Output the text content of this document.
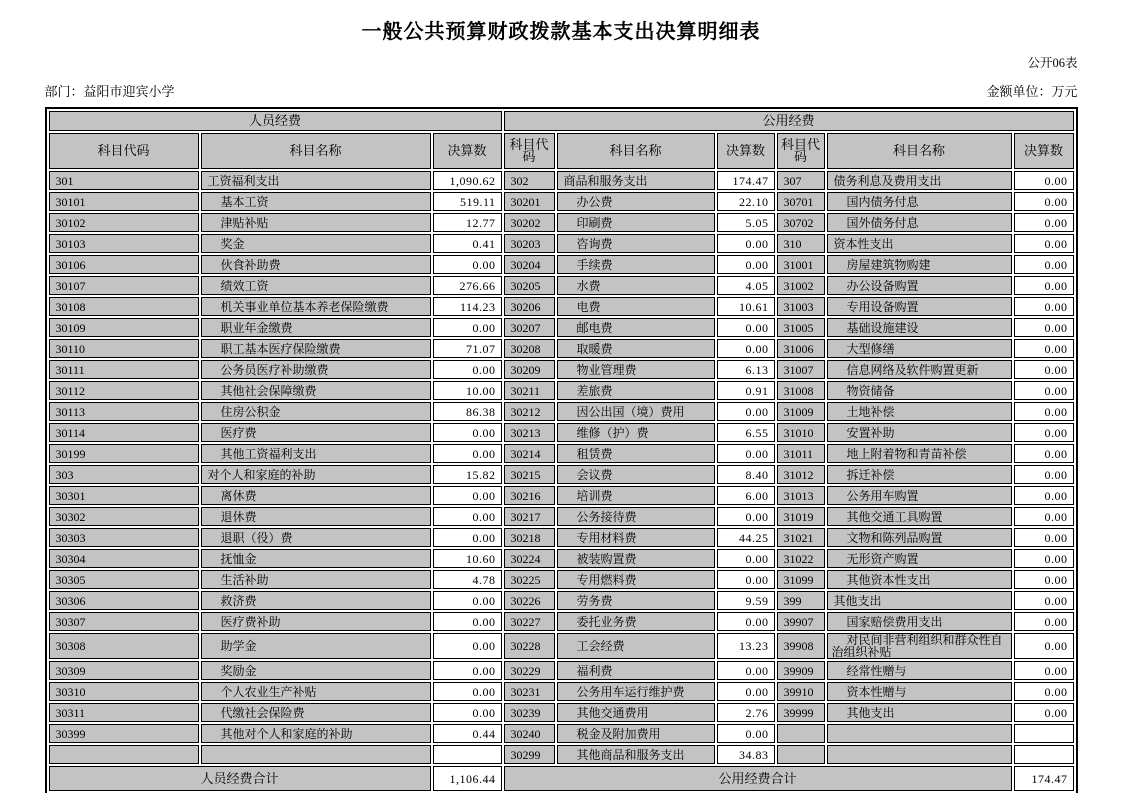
一般公共预算财政拨款基本支出决算明细表
公开06表
部门：益阳市迎宾小学	金额单位：万元
人员经费			公用经费					
科目代码	科目名称	决算数	科目代码	科目名称	决算数	科目代码	科目名称	决算数
301	工资福利支出	1,090.62	302	商品和服务支出	174.47	307	债务利息及费用支出	0.00
30101	基本工资	519.11	30201	办公费	22.10	30701	国内债务付息	0.00
30102	津贴补贴	12.77	30202	印刷费	5.05	30702	国外债务付息	0.00
30103	奖金	0.41	30203	咨询费	0.00	310	资本性支出	0.00
30106	伙食补助费	0.00	30204	手续费	0.00	31001	房屋建筑物购建	0.00
30107	绩效工资	276.66	30205	水费	4.05	31002	办公设备购置	0.00
30108	机关事业单位基本养老保险缴费	114.23	30206	电费	10.61	31003	专用设备购置	0.00
30109	职业年金缴费	0.00	30207	邮电费	0.00	31005	基础设施建设	0.00
30110	职工基本医疗保险缴费	71.07	30208	取暖费	0.00	31006	大型修缮	0.00
30111	公务员医疗补助缴费	0.00	30209	物业管理费	6.13	31007	信息网络及软件购置更新	0.00
30112	其他社会保障缴费	10.00	30211	差旅费	0.91	31008	物资储备	0.00
30113	住房公积金	86.38	30212	因公出国（境）费用	0.00	31009	土地补偿	0.00
30114	医疗费	0.00	30213	维修（护）费	6.55	31010	安置补助	0.00
30199	其他工资福利支出	0.00	30214	租赁费	0.00	31011	地上附着物和青苗补偿	0.00
303	对个人和家庭的补助	15.82	30215	会议费	8.40	31012	拆迁补偿	0.00
30301	离休费	0.00	30216	培训费	6.00	31013	公务用车购置	0.00
30302	退休费	0.00	30217	公务接待费	0.00	31019	其他交通工具购置	0.00
30303	退职（役）费	0.00	30218	专用材料费	44.25	31021	文物和陈列品购置	0.00
30304	抚恤金	10.60	30224	被装购置费	0.00	31022	无形资产购置	0.00
30305	生活补助	4.78	30225	专用燃料费	0.00	31099	其他资本性支出	0.00
30306	救济费	0.00	30226	劳务费	9.59	399	其他支出	0.00
30307	医疗费补助	0.00	30227	委托业务费	0.00	39907	国家赔偿费用支出	0.00
30308	助学金	0.00	30228	工会经费	13.23	39908	对民间非营利组织和群众性自治组织补贴	0.00
30309	奖励金	0.00	30229	福利费	0.00	39909	经常性赠与	0.00
30310	个人农业生产补贴	0.00	30231	公务用车运行维护费	0.00	39910	资本性赠与	0.00
30311	代缴社会保险费	0.00	30239	其他交通费用	2.76	39999	其他支出	0.00
30399	其他对个人和家庭的补助	0.44	30240	税金及附加费用	0.00			
			30299	其他商品和服务支出	34.83			
人员经费合计		1,106.44	公用经费合计					174.47
